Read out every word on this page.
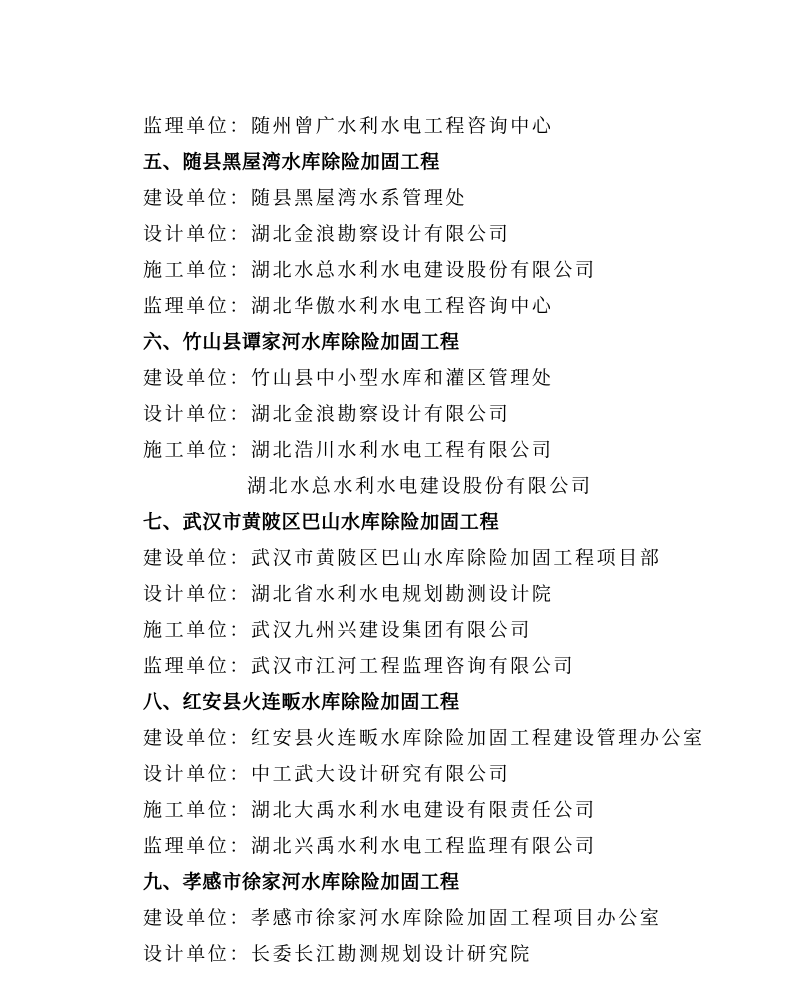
监理单位：随州曾广水利水电工程咨询中心
五、随县黑屋湾水库除险加固工程
建设单位：随县黑屋湾水系管理处
设计单位：湖北金浪勘察设计有限公司
施工单位：湖北水总水利水电建设股份有限公司
监理单位：湖北华傲水利水电工程咨询中心
六、竹山县谭家河水库除险加固工程
建设单位：竹山县中小型水库和灌区管理处
设计单位：湖北金浪勘察设计有限公司
施工单位：湖北浩川水利水电工程有限公司
湖北水总水利水电建设股份有限公司
七、武汉市黄陂区巴山水库除险加固工程
建设单位：武汉市黄陂区巴山水库除险加固工程项目部
设计单位：湖北省水利水电规划勘测设计院
施工单位：武汉九州兴建设集团有限公司
监理单位：武汉市江河工程监理咨询有限公司
八、红安县火连畈水库除险加固工程
建设单位：红安县火连畈水库除险加固工程建设管理办公室
设计单位：中工武大设计研究有限公司
施工单位：湖北大禹水利水电建设有限责任公司
监理单位：湖北兴禹水利水电工程监理有限公司
九、孝感市徐家河水库除险加固工程
建设单位：孝感市徐家河水库除险加固工程项目办公室
设计单位：长委长江勘测规划设计研究院
